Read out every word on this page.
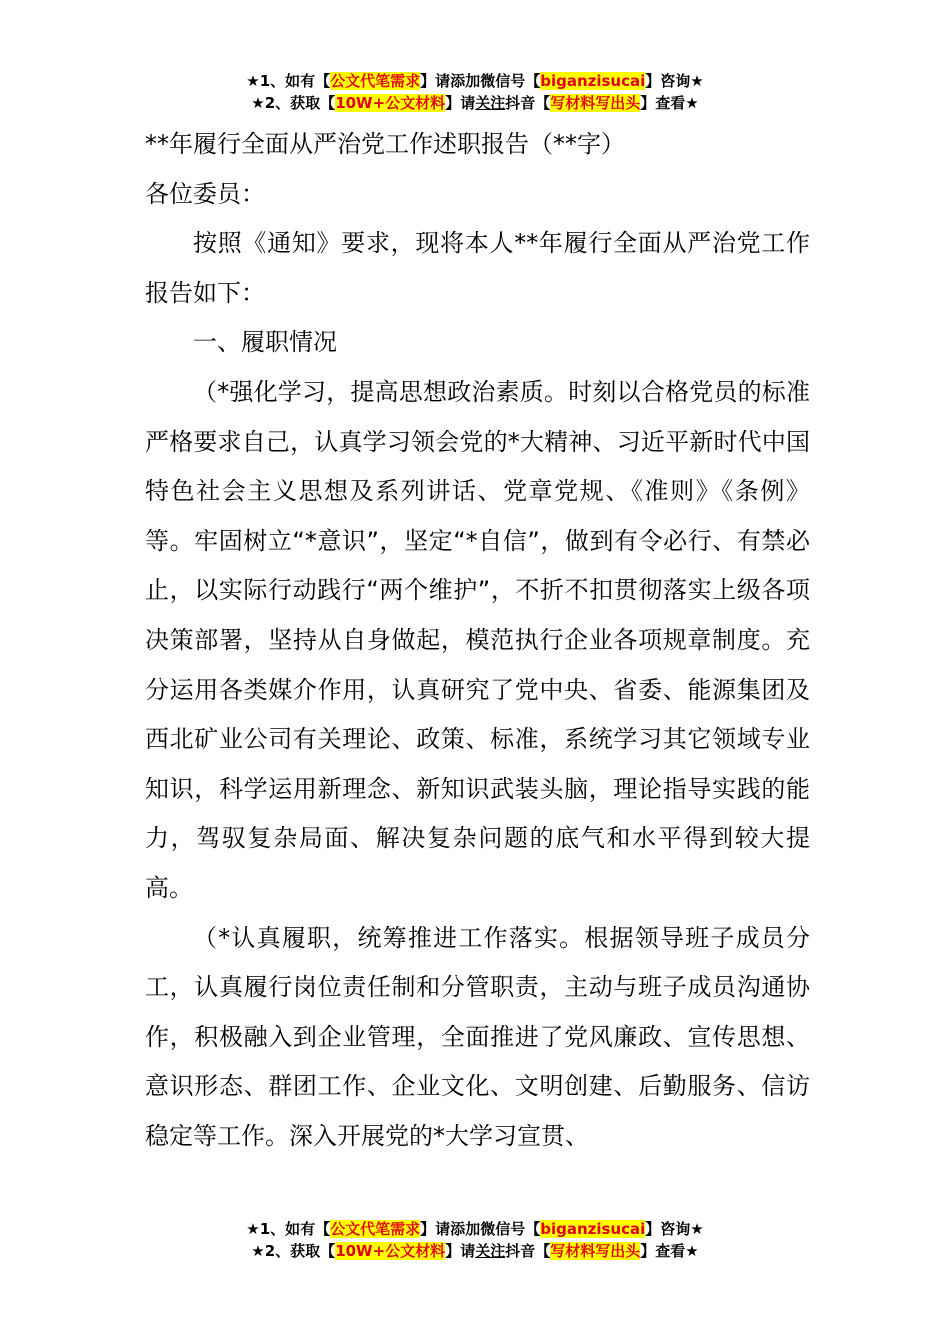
★1、如有【公文代笔需求】请添加微信号【biganzisucai】咨询★
★2、获取【10W+公文材料】请关注抖音【写材料写出头】查看★

**年履行全面从严治党工作述职报告（**字）

各位委员：

按照《通知》要求，现将本人**年履行全面从严治党工作报告如下：

一、履职情况

（*强化学习，提高思想政治素质。时刻以合格党员的标准严格要求自己，认真学习领会党的*大精神、习近平新时代中国特色社会主义思想及系列讲话、党章党规、《准则》《条例》等。牢固树立“*意识”，坚定“*自信”，做到有令必行、有禁必止，以实际行动践行“两个维护”，不折不扣贯彻落实上级各项决策部署，坚持从自身做起，模范执行企业各项规章制度。充分运用各类媒介作用，认真研究了党中央、省委、能源集团及西北矿业公司有关理论、政策、标准，系统学习其它领域专业知识，科学运用新理念、新知识武装头脑，理论指导实践的能力，驾驭复杂局面、解决复杂问题的底气和水平得到较大提高。

（*认真履职，统筹推进工作落实。根据领导班子成员分工，认真履行岗位责任制和分管职责，主动与班子成员沟通协作，积极融入到企业管理，全面推进了党风廉政、宣传思想、意识形态、群团工作、企业文化、文明创建、后勤服务、信访稳定等工作。深入开展党的*大学习宣贯、

★1、如有【公文代笔需求】请添加微信号【biganzisucai】咨询★
★2、获取【10W+公文材料】请关注抖音【写材料写出头】查看★
